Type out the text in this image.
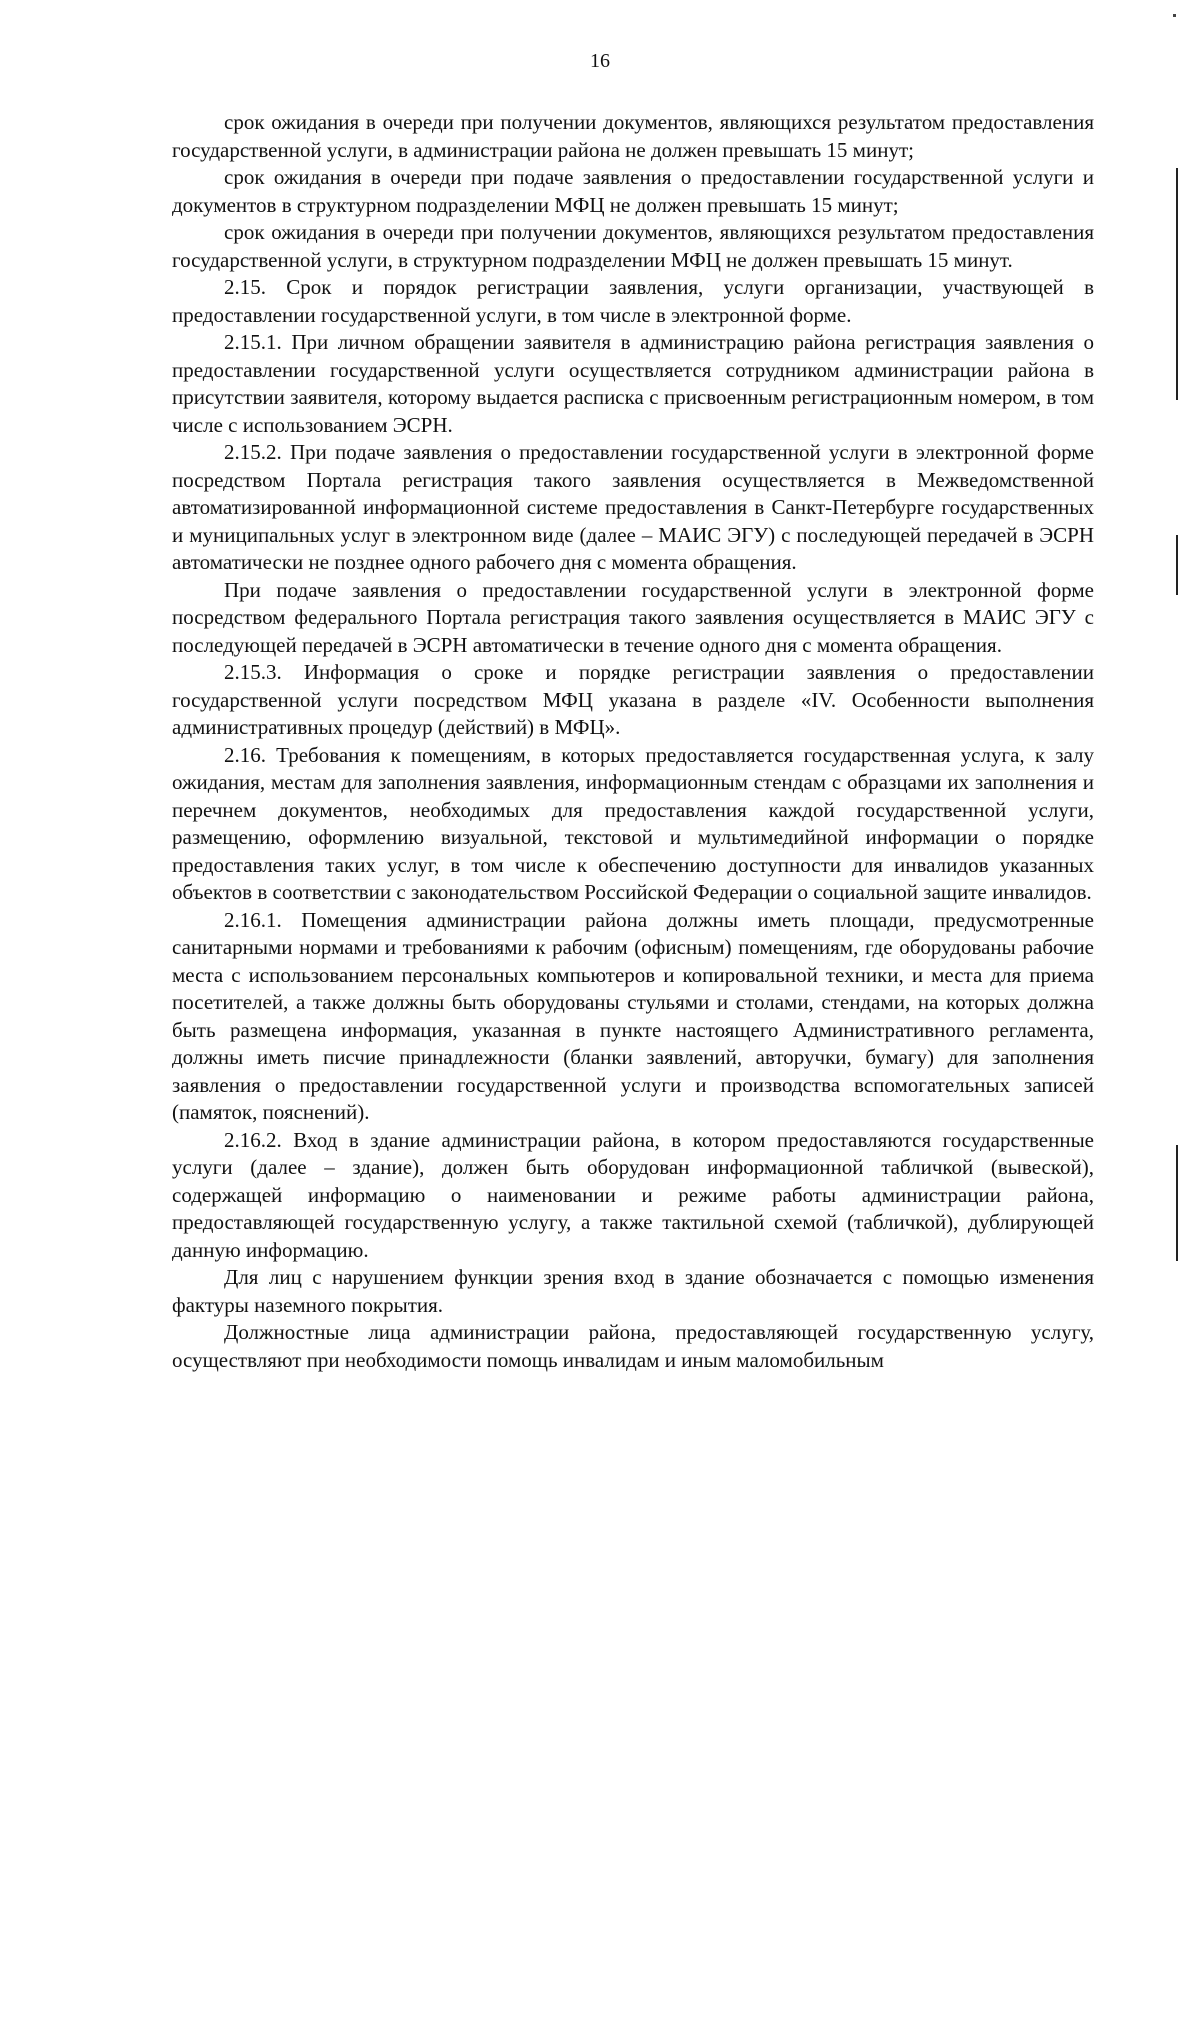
16

срок ожидания в очереди при получении документов, являющихся результатом предоставления государственной услуги, в администрации района не должен превышать 15 минут;

срок ожидания в очереди при подаче заявления о предоставлении государственной услуги и документов в структурном подразделении МФЦ не должен превышать 15 минут;

срок ожидания в очереди при получении документов, являющихся результатом предоставления государственной услуги, в структурном подразделении МФЦ не должен превышать 15 минут.

2.15. Срок и порядок регистрации заявления, услуги организации, участвующей в предоставлении государственной услуги, в том числе в электронной форме.

2.15.1. При личном обращении заявителя в администрацию района регистрация заявления о предоставлении государственной услуги осуществляется сотрудником администрации района в присутствии заявителя, которому выдается расписка с присвоенным регистрационным номером, в том числе с использованием ЭСРН.

2.15.2. При подаче заявления о предоставлении государственной услуги в электронной форме посредством Портала регистрация такого заявления осуществляется в Межведомственной автоматизированной информационной системе предоставления в Санкт-Петербурге государственных и муниципальных услуг в электронном виде (далее – МАИС ЭГУ) с последующей передачей в ЭСРН автоматически не позднее одного рабочего дня с момента обращения.

При подаче заявления о предоставлении государственной услуги в электронной форме посредством федерального Портала регистрация такого заявления осуществляется в МАИС ЭГУ с последующей передачей в ЭСРН автоматически в течение одного дня с момента обращения.

2.15.3. Информация о сроке и порядке регистрации заявления о предоставлении государственной услуги посредством МФЦ указана в разделе «IV. Особенности выполнения административных процедур (действий) в МФЦ».

2.16. Требования к помещениям, в которых предоставляется государственная услуга, к залу ожидания, местам для заполнения заявления, информационным стендам с образцами их заполнения и перечнем документов, необходимых для предоставления каждой государственной услуги, размещению, оформлению визуальной, текстовой и мультимедийной информации о порядке предоставления таких услуг, в том числе к обеспечению доступности для инвалидов указанных объектов в соответствии с законодательством Российской Федерации о социальной защите инвалидов.

2.16.1. Помещения администрации района должны иметь площади, предусмотренные санитарными нормами и требованиями к рабочим (офисным) помещениям, где оборудованы рабочие места с использованием персональных компьютеров и копировальной техники, и места для приема посетителей, а также должны быть оборудованы стульями и столами, стендами, на которых должна быть размещена информация, указанная в пункте настоящего Административного регламента, должны иметь писчие принадлежности (бланки заявлений, авторучки, бумагу) для заполнения заявления о предоставлении государственной услуги и производства вспомогательных записей (памяток, пояснений).

2.16.2. Вход в здание администрации района, в котором предоставляются государственные услуги (далее – здание), должен быть оборудован информационной табличкой (вывеской), содержащей информацию о наименовании и режиме работы администрации района, предоставляющей государственную услугу, а также тактильной схемой (табличкой), дублирующей данную информацию.

Для лиц с нарушением функции зрения вход в здание обозначается с помощью изменения фактуры наземного покрытия.

Должностные лица администрации района, предоставляющей государственную услугу, осуществляют при необходимости помощь инвалидам и иным маломобильным
